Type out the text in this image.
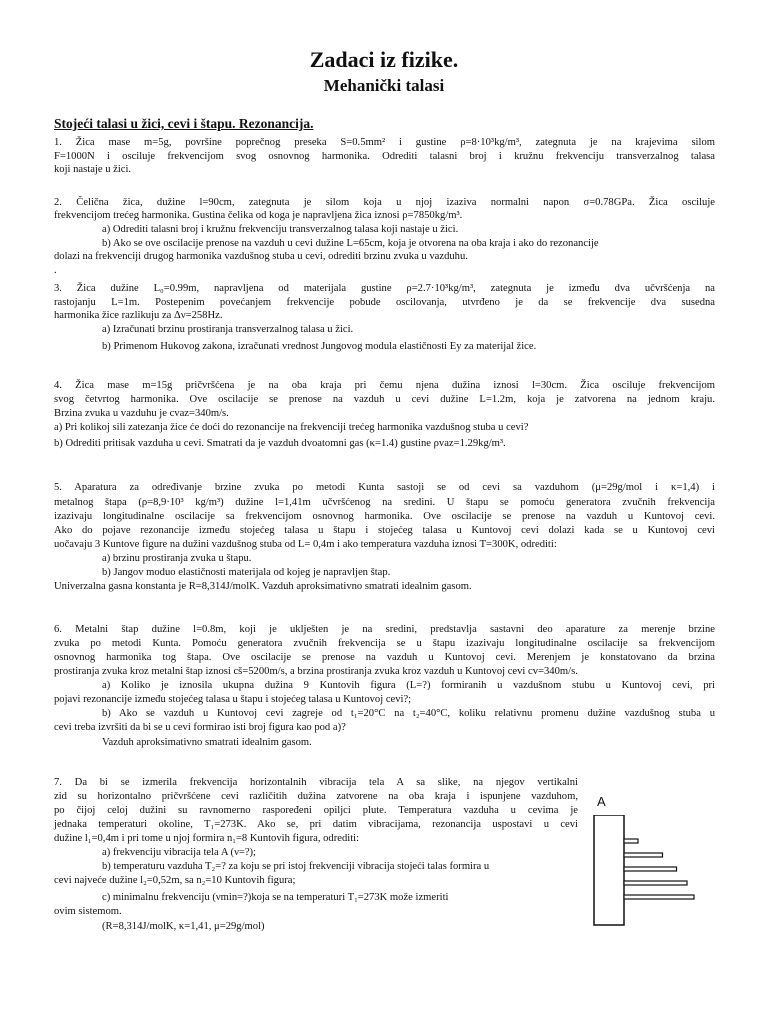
Zadaci iz fizike.
Mehanički talasi
Stojeći talasi u žici, cevi i štapu. Rezonancija.
1. Žica mase m=5g, površine poprečnog preseka S=0.5mm² i gustine ρ=8·10³kg/m³, zategnuta je na krajevima silom
F=1000N i osciluje frekvencijom svog osnovnog harmonika. Odrediti talasni broj i kružnu frekvenciju transverzalnog talasa
koji nastaje u žici.
2. Čelična žica, dužine l=90cm, zategnuta je silom koja u njoj izaziva normalni napon σ=0.78GPa. Žica osciluje
frekvencijom trećeg harmonika. Gustina čelika od koga je napravljena žica iznosi ρ=7850kg/m³.
a) Odrediti talasni broj i kružnu frekvenciju transverzalnog talasa koji nastaje u žici.
b) Ako se ove oscilacije prenose na vazduh u cevi dužine L=65cm, koja je otvorena na oba kraja i ako do rezonancije
dolazi na frekvenciji drugog harmonika vazdušnog stuba u cevi, odrediti brzinu zvuka u vazduhu.
.
3. Žica dužine L₀=0.99m, napravljena od materijala gustine ρ=2.7·10³kg/m³, zategnuta je između dva učvršćenja na
rastojanju L=1m. Postepenim povećanjem frekvencije pobude oscilovanja, utvrđeno je da se frekvencije dva susedna
harmonika žice razlikuju za Δν=258Hz.
a) Izračunati brzinu prostiranja transverzalnog talasa u žici.
b) Primenom Hukovog zakona, izračunati vrednost Jungovog modula elastičnosti Ey za materijal žice.
4. Žica mase m=15g pričvršćena je na oba kraja pri čemu njena dužina iznosi l=30cm. Žica osciluje frekvencijom
svog četvrtog harmonika. Ove oscilacije se prenose na vazduh u cevi dužine L=1.2m, koja je zatvorena na jednom kraju.
Brzina zvuka u vazduhu je cvaz=340m/s.
a) Pri kolikoj sili zatezanja žice će doći do rezonancije na frekvenciji trećeg harmonika vazdušnog stuba u cevi?
b) Odrediti pritisak vazduha u cevi. Smatrati da je vazduh dvoatomni gas (κ=1.4) gustine ρvaz=1.29kg/m³.
5. Aparatura za određivanje brzine zvuka po metodi Kunta sastoji se od cevi sa vazduhom (μ=29g/mol i κ=1,4) i
metalnog štapa (ρ=8,9·10³ kg/m³) dužine l=1,41m učvršćenog na sredini. U štapu se pomoću generatora zvučnih frekvencija
izazivaju longitudinalne oscilacije sa frekvencijom osnovnog harmonika. Ove oscilacije se prenose na vazduh u Kuntovoj cevi.
Ako do pojave rezonancije između stojećeg talasa u štapu i stojećeg talasa u Kuntovoj cevi dolazi kada se u Kuntovoj cevi
uočavaju 3 Kuntove figure na dužini vazdušnog stuba od L= 0,4m i ako temperatura vazduha iznosi T=300K, odrediti:
a) brzinu prostiranja zvuka u štapu.
b) Jangov moduo elastičnosti materijala od kojeg je napravljen štap.
Univerzalna gasna konstanta je R=8,314J/molK. Vazduh aproksimativno smatrati idealnim gasom.
6. Metalni štap dužine l=0.8m, koji je uklješten je na sredini, predstavlja sastavni deo aparature za merenje brzine
zvuka po metodi Kunta. Pomoću generatora zvučnih frekvencija se u štapu izazivaju longitudinalne oscilacije sa frekvencijom
osnovnog harmonika tog štapa. Ove oscilacije se prenose na vazduh u Kuntovoj cevi. Merenjem je konstatovano da brzina
prostiranja zvuka kroz metalni štap iznosi cš=5200m/s, a brzina prostiranja zvuka kroz vazduh u Kuntovoj cevi cv=340m/s.
a) Koliko je iznosila ukupna dužina 9 Kuntovih figura (L=?) formiranih u vazdušnom stubu u Kuntovoj cevi, pri
pojavi rezonancije između stojećeg talasa u štapu i stojećeg talasa u Kuntovoj cevi?;
b) Ako se vazduh u Kuntovoj cevi zagreje od t₁=20°C na t₂=40°C, koliku relativnu promenu dužine vazdušnog stuba u
cevi treba izvršiti da bi se u cevi formirao isti broj figura kao pod a)?
Vazduh aproksimativno smatrati idealnim gasom.
7. Da bi se izmerila frekvencija horizontalnih vibracija tela A sa slike, na njegov vertikalni
zid su horizontalno pričvršćene cevi različitih dužina zatvorene na oba kraja i ispunjene vazduhom,
po čijoj celoj dužini su ravnomerno raspoređeni opiljci plute. Temperatura vazduha u cevima je
jednaka temperaturi okoline, T₁=273K. Ako se, pri datim vibracijama, rezonancija uspostavi u cevi
dužine l₁=0,4m i pri tome u njoj formira n₁=8 Kuntovih figura, odrediti:
a) frekvenciju vibracija tela A (ν=?);
b) temperaturu vazduha T₂=? za koju se pri istoj frekvenciji vibracija stojeći talas formira u
cevi najveće dužine l₂=0,52m, sa n₂=10 Kuntovih figura;
c) minimalnu frekvenciju (νmin=?)koja se na temperaturi T₁=273K može izmeriti
ovim sistemom.
(R=8,314J/molK, κ=1,41, μ=29g/mol)
A
